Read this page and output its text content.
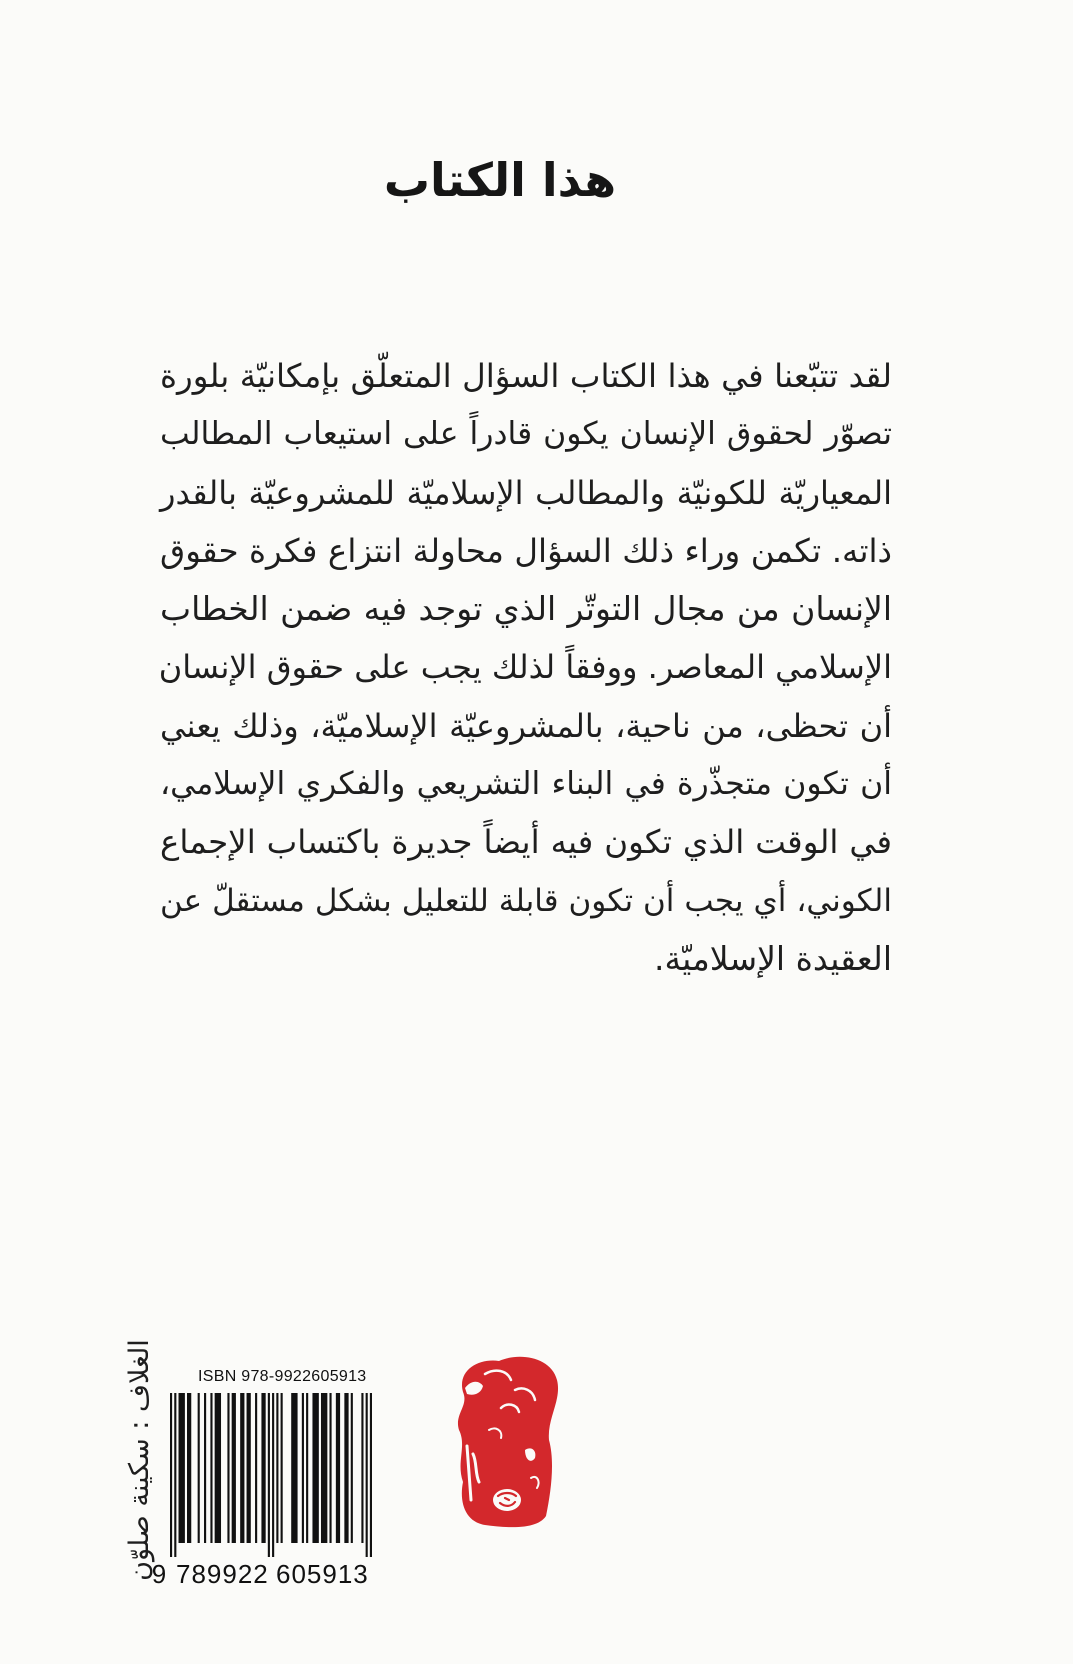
هذا الكتاب
لقد تتبّعنا في هذا الكتاب السؤال المتعلّق بإمكانيّة بلورة
تصوّر لحقوق الإنسان يكون قادراً على استيعاب المطالب
المعياريّة للكونيّة والمطالب الإسلاميّة للمشروعيّة بالقدر
ذاته. تكمن وراء ذلك السؤال محاولة انتزاع فكرة حقوق
الإنسان من مجال التوتّر الذي توجد فيه ضمن الخطاب
الإسلامي المعاصر. ووفقاً لذلك يجب على حقوق الإنسان
أن تحظى، من ناحية، بالمشروعيّة الإسلاميّة، وذلك يعني
أن تكون متجذّرة في البناء التشريعي والفكري الإسلامي،
في الوقت الذي تكون فيه أيضاً جديرة باكتساب الإجماع
الكوني، أي يجب أن تكون قابلة للتعليل بشكل مستقلّ عن
العقيدة الإسلاميّة.
الغلاف : سكينة صلوّن	ISBN 978-9922605913
9 789922 605913
